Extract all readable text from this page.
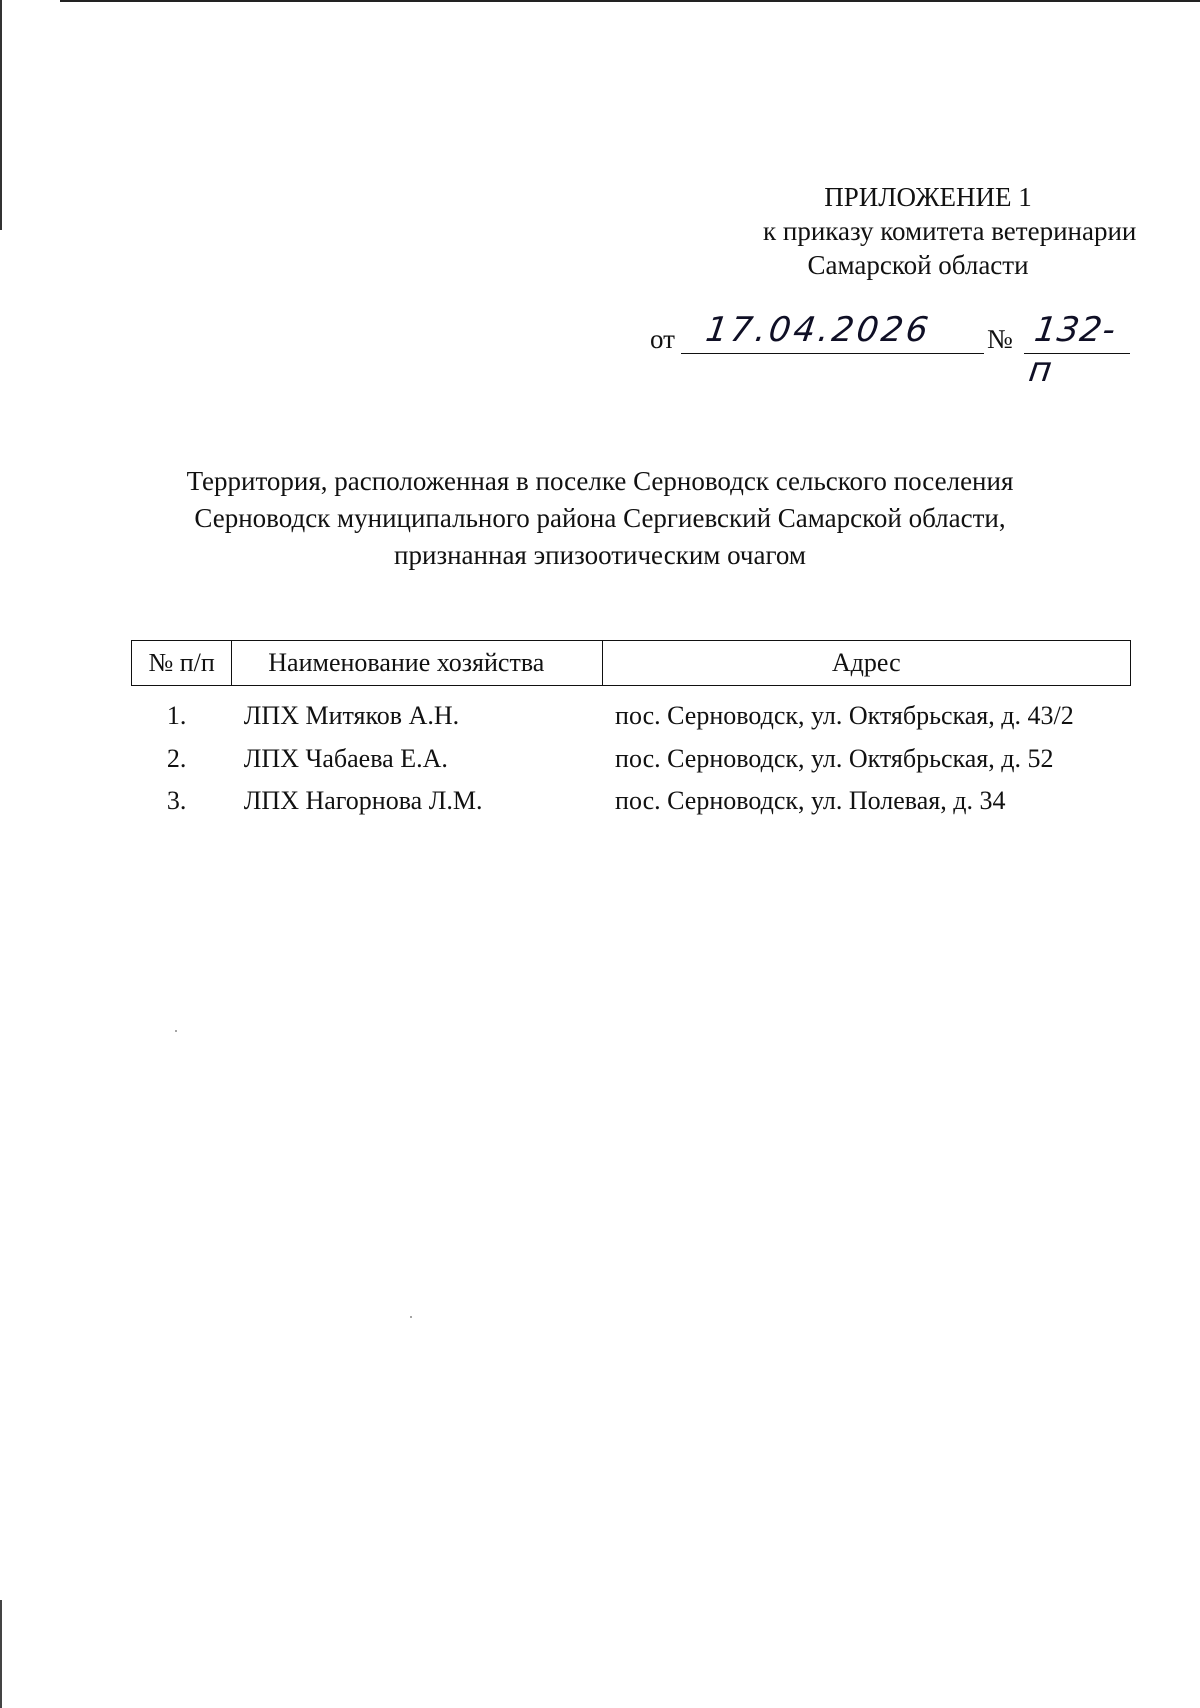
ПРИЛОЖЕНИЕ 1
к приказу комитета ветеринарии
Самарской области
от 17.04.2026 № 132-п
Территория, расположенная в поселке Серноводск сельского поселения
Серноводск муниципального района Сергиевский Самарской области,
признанная эпизоотическим очагом
№ п/п	Наименование хозяйства	Адрес
1.	ЛПХ Митяков А.Н.	пос. Серноводск, ул. Октябрьская, д. 43/2
2.	ЛПХ Чабаева Е.А.	пос. Серноводск, ул. Октябрьская, д. 52
3.	ЛПХ Нагорнова Л.М.	пос. Серноводск, ул. Полевая, д. 34
